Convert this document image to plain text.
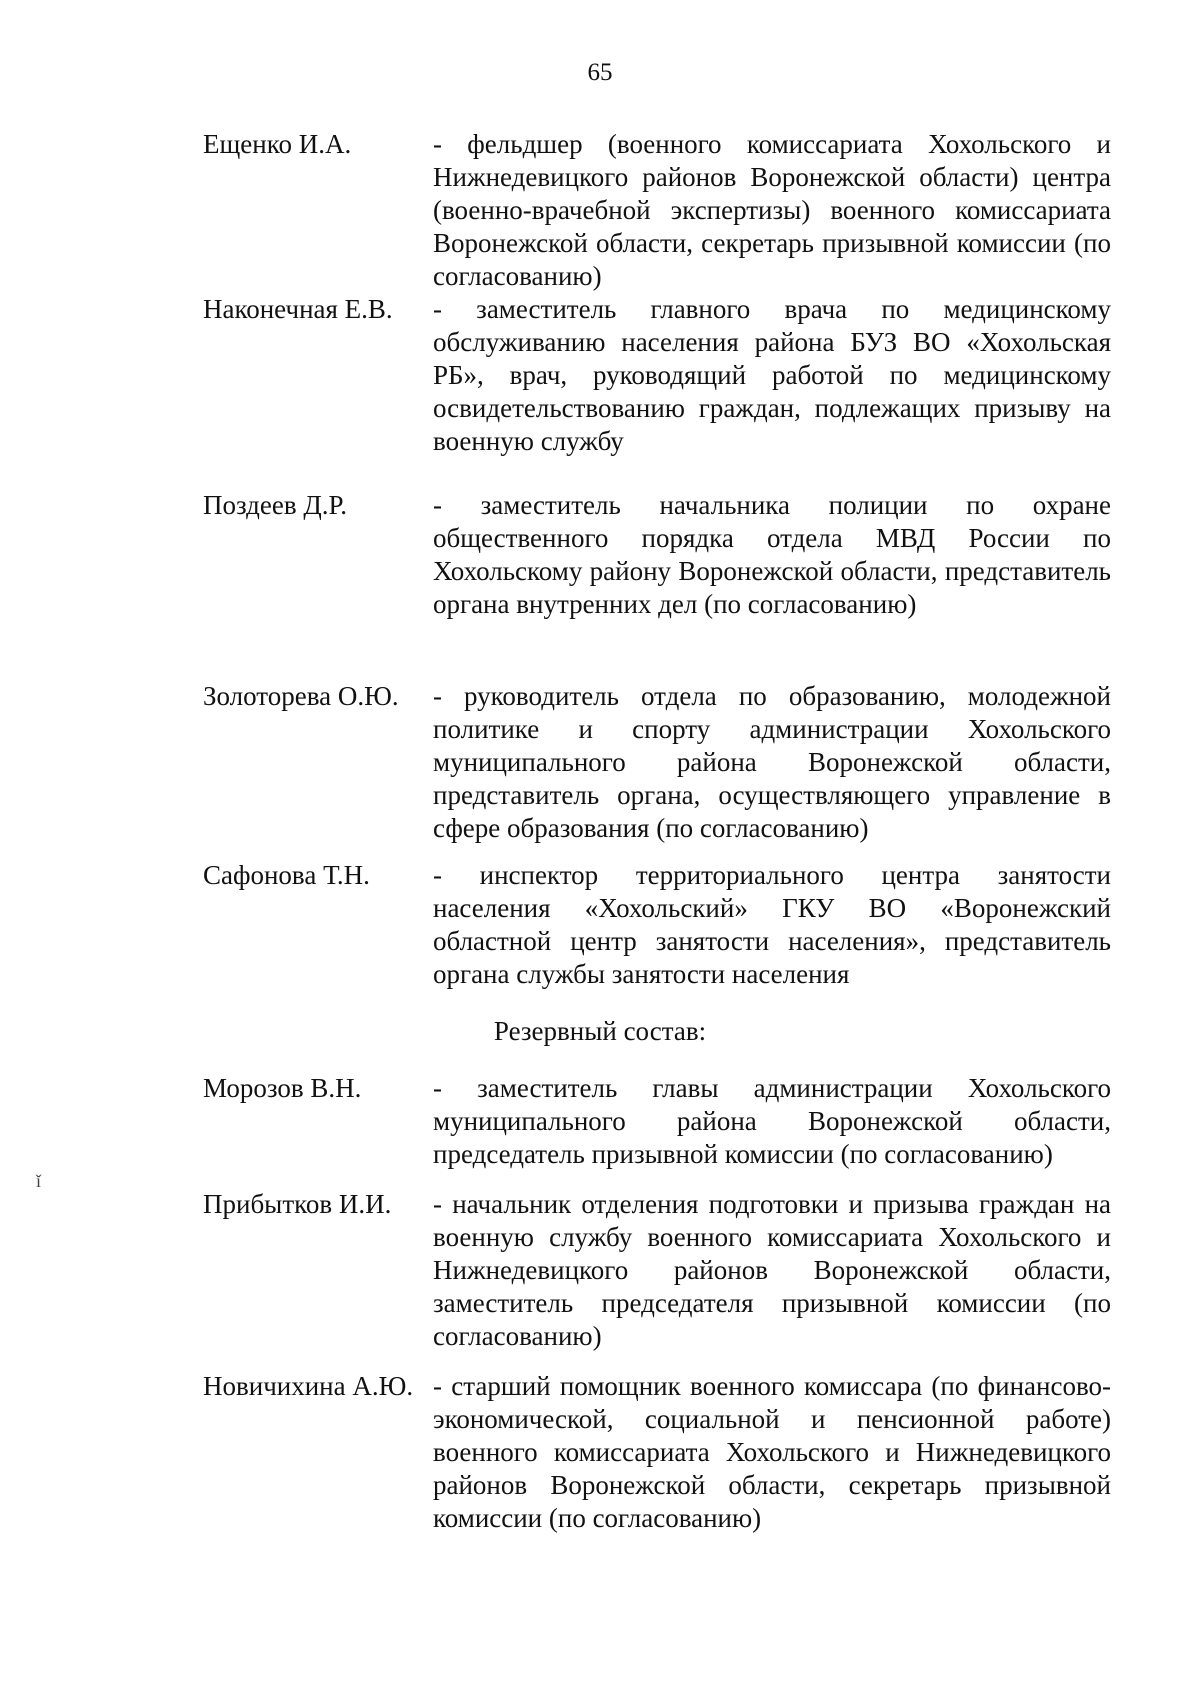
65
Ещенко И.А.	- фельдшер (военного комиссариата Хохольского и Нижнедевицкого районов Воронежской области) центра (военно-врачебной экспертизы) военного комиссариата Воронежской области, секретарь призывной комиссии (по согласованию)
Наконечная Е.В.	- заместитель главного врача по медицинскому обслуживанию населения района БУЗ ВО «Хохольская РБ», врач, руководящий работой по медицинскому освидетельствованию граждан, подлежащих призыву на военную службу
Поздеев Д.Р.	- заместитель начальника полиции по охране общественного порядка отдела МВД России по Хохольскому району Воронежской области, представитель органа внутренних дел (по согласованию)
Золоторева О.Ю.	- руководитель отдела по образованию, молодежной политике и спорту администрации Хохольского муниципального района Воронежской области, представитель органа, осуществляющего управление в сфере образования (по согласованию)
Сафонова Т.Н.	- инспектор территориального центра занятости населения «Хохольский» ГКУ ВО «Воронежский областной центр занятости населения», представитель органа службы занятости населения
Резервный состав:
Морозов В.Н.	- заместитель главы администрации Хохольского муниципального района Воронежской области, председатель призывной комиссии (по согласованию)
ǐ
Прибытков И.И.	- начальник отделения подготовки и призыва граждан на военную службу военного комиссариата Хохольского и Нижнедевицкого районов Воронежской области, заместитель председателя призывной комиссии (по согласованию)
Новичихина А.Ю. - старший помощник военного комиссара (по финансово-экономической, социальной и пенсионной работе) военного комиссариата Хохольского и Нижнедевицкого районов Воронежской области, секретарь призывной комиссии (по согласованию)
